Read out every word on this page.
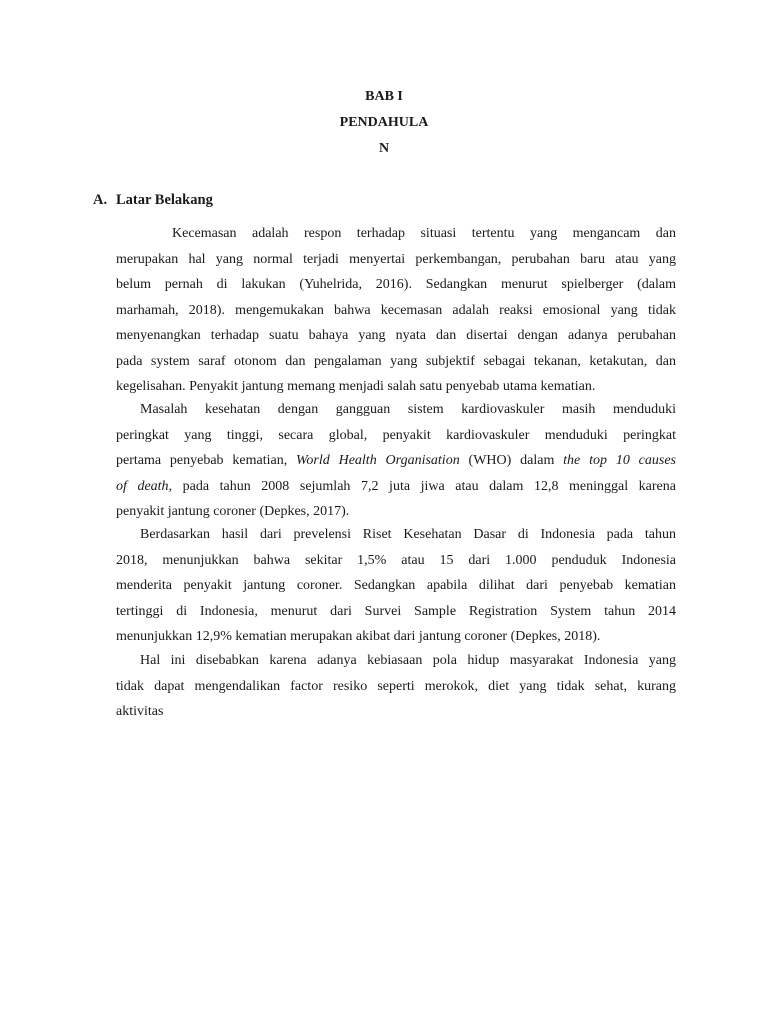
BAB I
PENDAHULA
N
A. Latar Belakang
Kecemasan adalah respon terhadap situasi tertentu yang mengancam dan
merupakan hal yang normal terjadi menyertai perkembangan, perubahan baru atau yang
belum pernah di lakukan (Yuhelrida, 2016). Sedangkan menurut spielberger (dalam
marhamah, 2018). mengemukakan bahwa kecemasan adalah reaksi emosional yang tidak
menyenangkan terhadap suatu bahaya yang nyata dan disertai dengan adanya perubahan
pada system saraf otonom dan pengalaman yang subjektif sebagai tekanan, ketakutan, dan
kegelisahan. Penyakit jantung memang menjadi salah satu penyebab utama kematian.
Masalah kesehatan dengan gangguan sistem kardiovaskuler masih menduduki
peringkat yang tinggi, secara global, penyakit kardiovaskuler menduduki peringkat
pertama penyebab kematian, World Health Organisation (WHO) dalam the top 10 causes
of death, pada tahun 2008 sejumlah 7,2 juta jiwa atau dalam 12,8 meninggal karena
penyakit jantung coroner (Depkes, 2017).
Berdasarkan hasil dari prevelensi Riset Kesehatan Dasar di Indonesia pada tahun
2018, menunjukkan bahwa sekitar 1,5% atau 15 dari 1.000 penduduk Indonesia
menderita penyakit jantung coroner. Sedangkan apabila dilihat dari penyebab kematian
tertinggi di Indonesia, menurut dari Survei Sample Registration System tahun 2014
menunjukkan 12,9% kematian merupakan akibat dari jantung coroner (Depkes, 2018).
Hal ini disebabkan karena adanya kebiasaan pola hidup masyarakat Indonesia yang
tidak dapat mengendalikan factor resiko seperti merokok, diet yang tidak sehat, kurang
aktivitas
